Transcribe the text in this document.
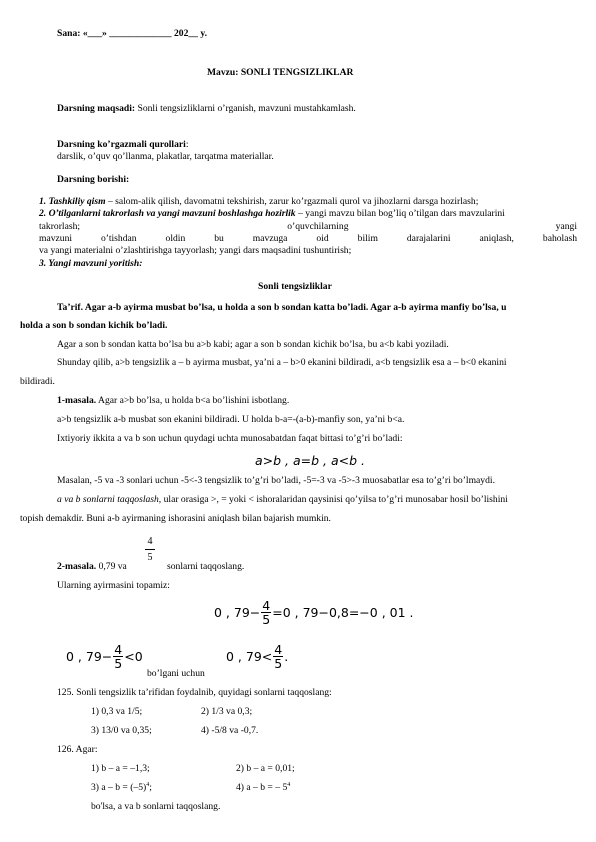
Sana: «___» _____________ 202__ y.
Mavzu: SONLI TENGSIZLIKLAR
Darsning maqsadi: Sonli tengsizliklarni o’rganish, mavzuni mustahkamlash.
Darsning ko’rgazmali qurollari:
darslik, o’quv qo’llanma, plakatlar, tarqatma materiallar.
Darsning borishi:
1. Tashkiliy qism – salom-alik qilish, davomatni tekshirish, zarur ko’rgazmali qurol va jihozlarni darsga hozirlash;
2. O’tilganlarni takrorlash va yangi mavzuni boshlashga hozirlik – yangi mavzu bilan bog’liq o’tilgan dars mavzularini
takrorlash; o’quvchilarning yangi
mavzuni o’tishdan oldin bu mavzuga oid bilim darajalarini aniqlash, baholash
va yangi materialni o’zlashtirishga tayyorlash; yangi dars maqsadini tushuntirish;
3. Yangi mavzuni yoritish:
Sonli tengsizliklar
Ta’rif. Agar a-b ayirma musbat bo’lsa, u holda a son b sondan katta bo’ladi. Agar a-b ayirma manfiy bo’lsa, u
holda a son b sondan kichik bo’ladi.
Agar a son b sondan katta bo’lsa bu a>b kabi; agar a son b sondan kichik bo’lsa, bu a<b kabi yoziladi.
Shunday qilib, a>b tengsizlik a – b ayirma musbat, ya’ni a – b>0 ekanini bildiradi, a<b tengsizlik esa a – b<0 ekanini
bildiradi.
1-masala. Agar a>b bo’lsa, u holda b<a bo’lishini isbotlang.
a>b tengsizlik a-b musbat son ekanini bildiradi. U holda b-a=-(a-b)-manfiy son, ya’ni b<a.
Ixtiyoriy ikkita a va b son uchun quydagi uchta munosabatdan faqat bittasi to’g’ri bo’ladi:
a>b , a=b , a<b .
Masalan, -5 va -3 sonlari uchun -5<-3 tengsizlik to’g’ri bo’ladi, -5=-3 va -5>-3 muosabatlar esa to’g’ri bo’lmaydi.
a va b sonlarni taqqoslash, ular orasiga >, = yoki < ishoralaridan qaysinisi qo’yilsa to’g’ri munosabar hosil bo’lishini
topish demakdir. Buni a-b ayirmaning ishorasini aniqlash bilan bajarish mumkin.
4
5
2-masala. 0,79 va	sonlarni taqqoslang.
Ularning ayirmasini topamiz:
0 , $79- \frac{4}{5} =0$ , 79−0,8=−0 , 01 .
0 , $79- \frac{4}{5} <0$
bo’lgani uchun
0 , $79< \frac{4}{5}$ .
125. Sonli tengsizlik ta’rifidan foydalnib, quyidagi sonlarni taqqoslang:
1) 0,3 va 1/5;	2) 1/3 va 0,3;
3) 13/0 va 0,35;	4) -5/8 va -0,7.
126. Agar:
1) b – a = –1,3;	2) b – a = 0,01;
3) $a - b = (-5)^4$;	4) a – b = – $5^4$
bo'lsa, a va b sonlarni taqqoslang.
